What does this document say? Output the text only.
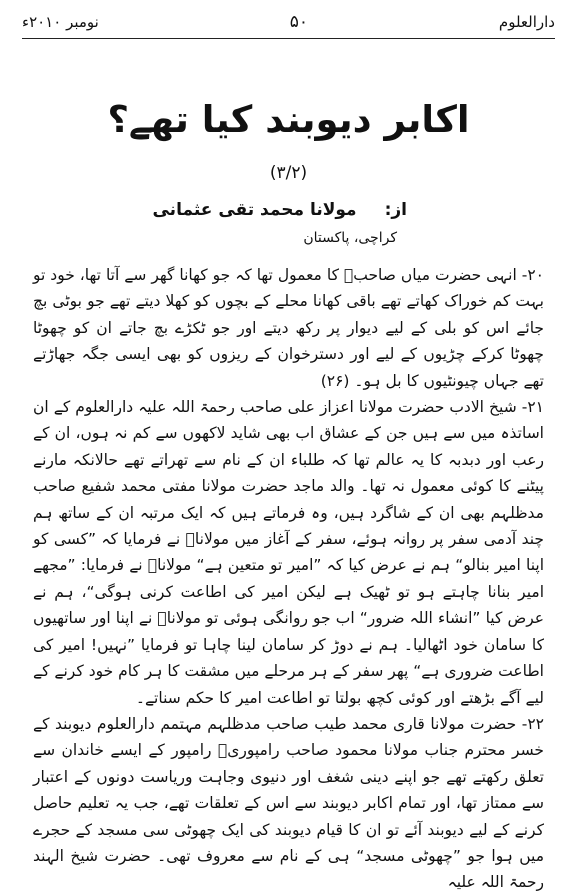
نومبر ۲۰۱۰ء	۵۰	دارالعلوم
اکابر دیوبند کیا تھے؟
(۳/۲)
از:
مولانا محمد تقی عثمانی
کراچی، پاکستان

۲۰- انہی حضرت میاں صاحبؒ کا معمول تھا کہ جو کھانا گھر سے آتا تھا، خود تو بہت کم خوراک کھاتے تھے باقی کھانا محلے کے بچوں کو کھلا دیتے تھے جو بوٹی بچ جائے اس کو بلی کے لیے دیوار پر رکھ دیتے اور جو ٹکڑے بچ جاتے ان کو چھوٹا چھوٹا کرکے چڑیوں کے لیے اور دسترخوان کے ریزوں کو بھی ایسی جگہ جھاڑتے تھے جہاں چیونٹیوں کا بل ہو۔ (۲۶)

۲۱- شیخ الادب حضرت مولانا اعزاز علی صاحب رحمۃ اللہ علیہ دارالعلوم کے ان اساتذہ میں سے ہیں جن کے عشاق اب بھی شاید لاکھوں سے کم نہ ہوں، ان کے رعب اور دبدبہ کا یہ عالم تھا کہ طلباء ان کے نام سے تھراتے تھے حالانکہ مارنے پیٹنے کا کوئی معمول نہ تھا۔ والد ماجد حضرت مولانا مفتی محمد شفیع صاحب مدظلہم بھی ان کے شاگرد ہیں، وہ فرماتے ہیں کہ ایک مرتبہ ان کے ساتھ ہم چند آدمی سفر پر روانہ ہوئے، سفر کے آغاز میں مولاناؒ نے فرمایا کہ ”کسی کو اپنا امیر بنالو“ ہم نے عرض کیا کہ ”امیر تو متعین ہے“ مولاناؒ نے فرمایا: ”مجھے امیر بنانا چاہتے ہو تو ٹھیک ہے لیکن امیر کی اطاعت کرنی ہوگی“، ہم نے عرض کیا ”انشاء اللہ ضرور“ اب جو روانگی ہوئی تو مولاناؒ نے اپنا اور ساتھیوں کا سامان خود اٹھالیا۔ ہم نے دوڑ کر سامان لینا چاہا تو فرمایا ”نہیں! امیر کی اطاعت ضروری ہے“ پھر سفر کے ہر مرحلے میں مشقت کا ہر کام خود کرنے کے لیے آگے بڑھتے اور کوئی کچھ بولتا تو اطاعت امیر کا حکم سناتے۔

۲۲- حضرت مولانا قاری محمد طیب صاحب مدظلہم مہتمم دارالعلوم دیوبند کے خسر محترم جناب مولانا محمود صاحب رامپوریؒ رامپور کے ایسے خاندان سے تعلق رکھتے تھے جو اپنے دینی شغف اور دنیوی وجاہت وریاست دونوں کے اعتبار سے ممتاز تھا، اور تمام اکابر دیوبند سے اس کے تعلقات تھے، جب یہ تعلیم حاصل کرنے کے لیے دیوبند آئے تو ان کا قیام دیوبند کی ایک چھوٹی سی مسجد کے حجرے میں ہوا جو ”چھوٹی مسجد“ ہی کے نام سے معروف تھی۔ حضرت شیخ الہند رحمۃ اللہ علیہ
